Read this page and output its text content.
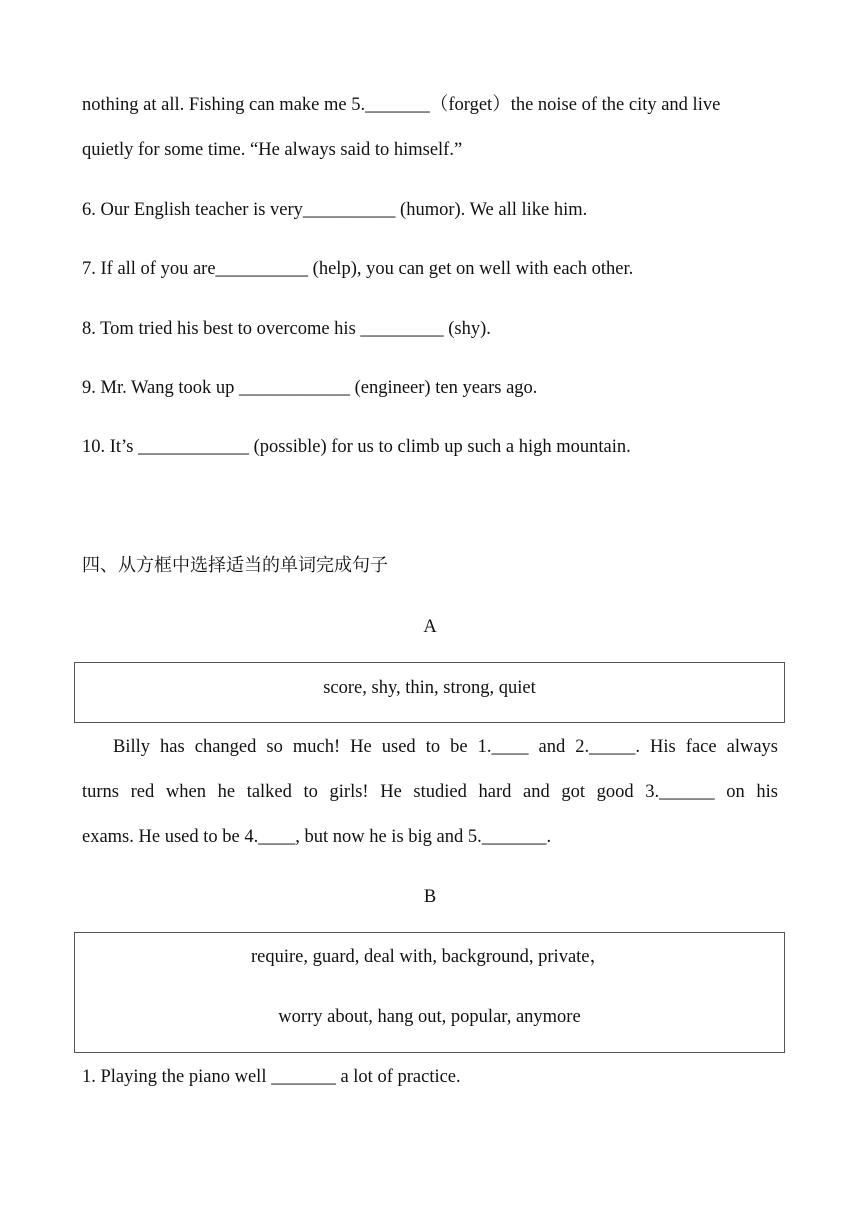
nothing at all. Fishing can make me 5._______（forget）the noise of the city and live
quietly for some time. “He always said to himself.”
6. Our English teacher is very__________ (humor). We all like him.
7. If all of you are__________ (help), you can get on well with each other.
8. Tom tried his best to overcome his _________ (shy).
9. Mr. Wang took up ____________ (engineer) ten years ago.
10. It’s ____________ (possible) for us to climb up such a high mountain.
四、从方框中选择适当的单词完成句子
A
score, shy, thin, strong, quiet
Billy has changed so much! He used to be 1.____ and 2._____. His face always
turns red when he talked to girls! He studied hard and got good 3.______ on his
exams. He used to be 4.____, but now he is big and 5._______.
B
require, guard, deal with, background, private，
worry about, hang out, popular, anymore
1. Playing the piano well _______ a lot of practice.
